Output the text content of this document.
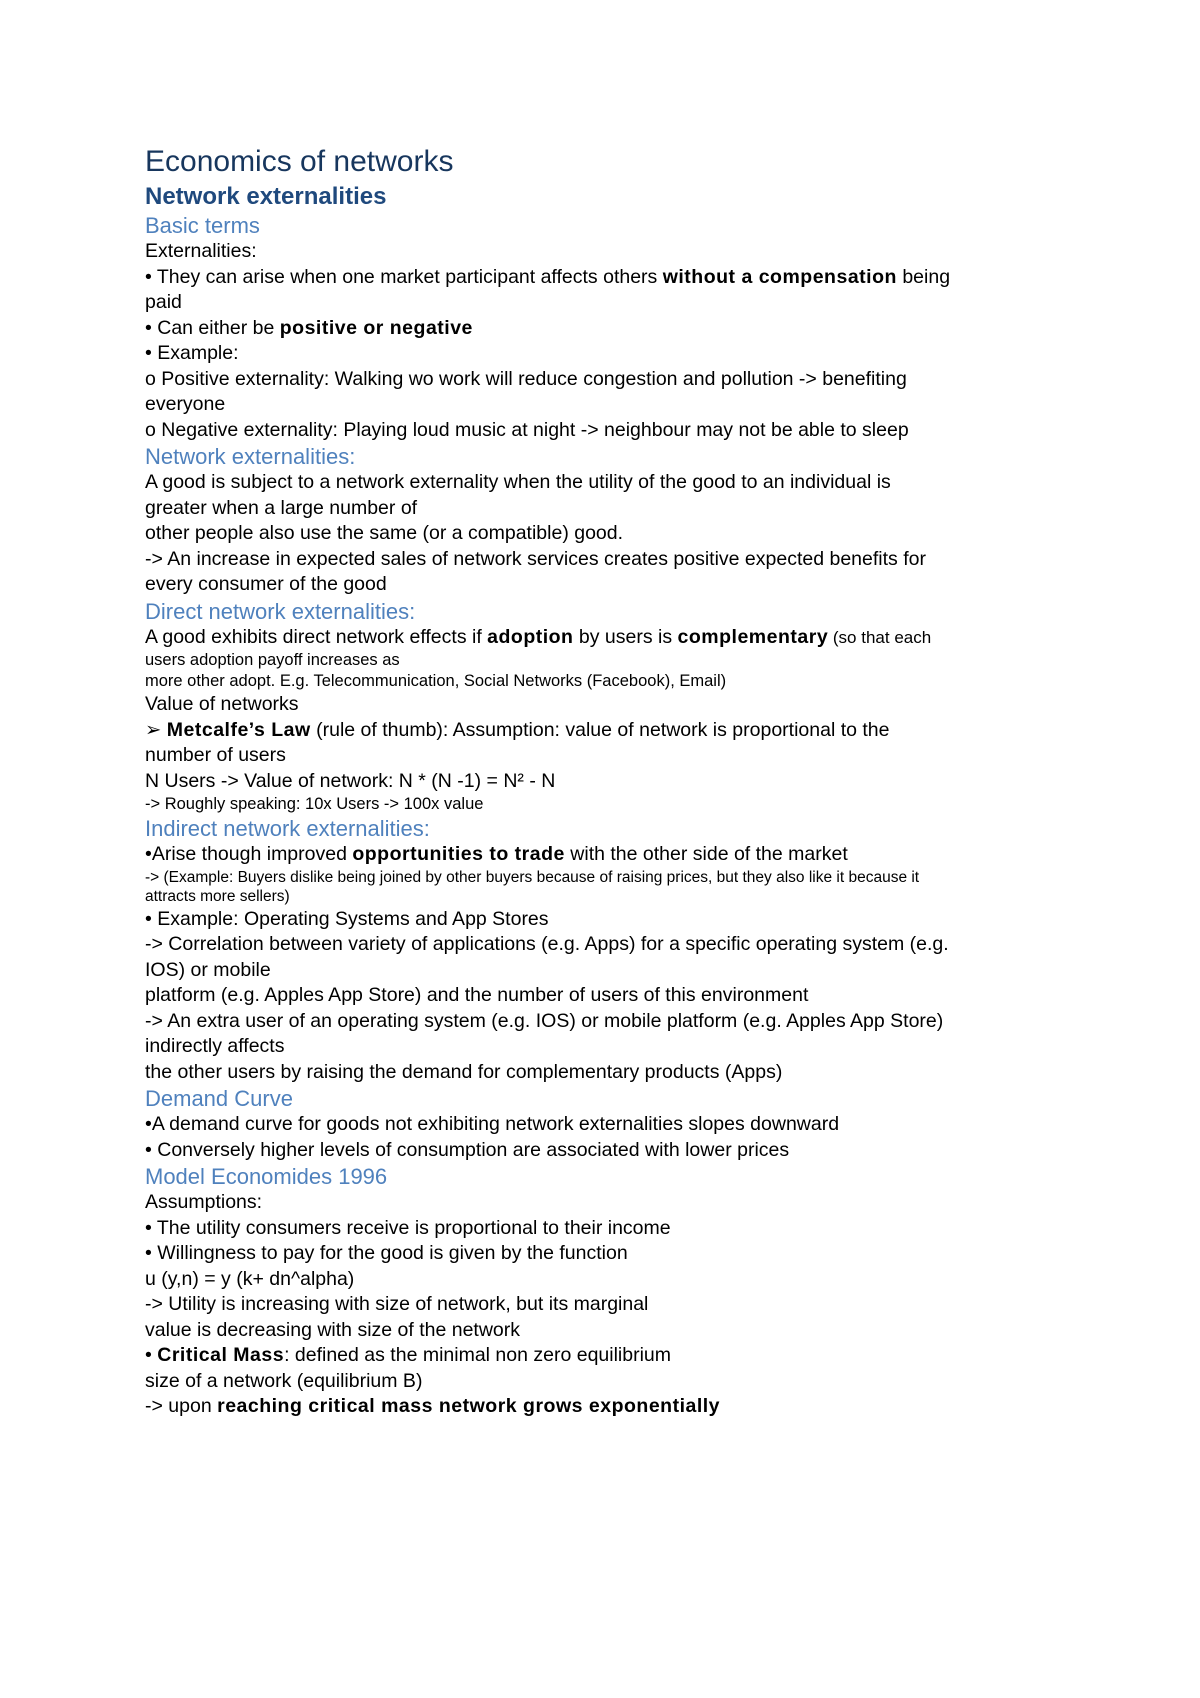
Economics of networks
Network externalities
Basic terms
Externalities:
• They can arise when one market participant affects others without a compensation being
paid
• Can either be positive or negative
• Example:
o Positive externality: Walking wo work will reduce congestion and pollution -> benefiting
everyone
o Negative externality: Playing loud music at night -> neighbour may not be able to sleep
Network externalities:
A good is subject to a network externality when the utility of the good to an individual is
greater when a large number of
other people also use the same (or a compatible) good.
-> An increase in expected sales of network services creates positive expected benefits for
every consumer of the good
Direct network externalities:
A good exhibits direct network effects if adoption by users is complementary (so that each
users adoption payoff increases as
more other adopt. E.g. Telecommunication, Social Networks (Facebook), Email)
Value of networks
➢ Metcalfe’s Law (rule of thumb): Assumption: value of network is proportional to the
number of users
N Users -> Value of network: N * (N -1) = N² - N
-> Roughly speaking: 10x Users -> 100x value
Indirect network externalities:
•Arise though improved opportunities to trade with the other side of the market
-> (Example: Buyers dislike being joined by other buyers because of raising prices, but they also like it because it
attracts more sellers)
• Example: Operating Systems and App Stores
-> Correlation between variety of applications (e.g. Apps) for a specific operating system (e.g.
IOS) or mobile
platform (e.g. Apples App Store) and the number of users of this environment
-> An extra user of an operating system (e.g. IOS) or mobile platform (e.g. Apples App Store)
indirectly affects
the other users by raising the demand for complementary products (Apps)
Demand Curve
•A demand curve for goods not exhibiting network externalities slopes downward
• Conversely higher levels of consumption are associated with lower prices
Model Economides 1996
Assumptions:
• The utility consumers receive is proportional to their income
• Willingness to pay for the good is given by the function
u (y,n) = y (k+ dn^alpha)
-> Utility is increasing with size of network, but its marginal
value is decreasing with size of the network
• Critical Mass: defined as the minimal non zero equilibrium
size of a network (equilibrium B)
-> upon reaching critical mass network grows exponentially
